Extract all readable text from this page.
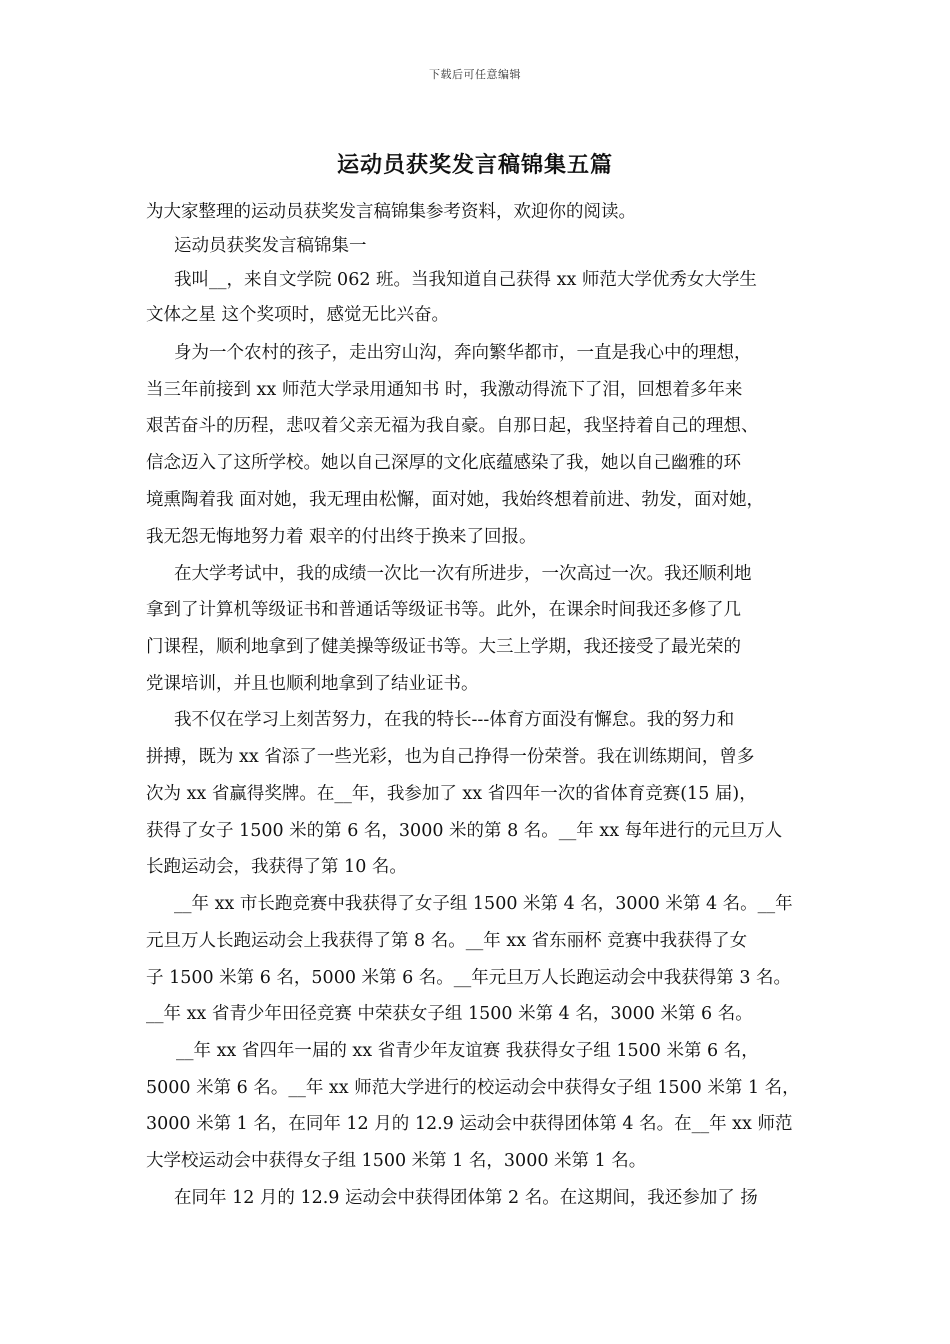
下载后可任意编辑
运动员获奖发言稿锦集五篇
为大家整理的运动员获奖发言稿锦集参考资料，欢迎你的阅读。
运动员获奖发言稿锦集一
我叫__，来自文学院 062 班。当我知道自己获得 xx 师范大学优秀女大学生
文体之星 这个奖项时，感觉无比兴奋。
身为一个农村的孩子，走出穷山沟，奔向繁华都市，一直是我心中的理想，
当三年前接到 xx 师范大学录用通知书 时，我激动得流下了泪，回想着多年来
艰苦奋斗的历程，悲叹着父亲无福为我自豪。自那日起，我坚持着自己的理想、
信念迈入了这所学校。她以自己深厚的文化底蕴感染了我，她以自己幽雅的环
境熏陶着我 面对她，我无理由松懈，面对她，我始终想着前进、勃发，面对她，
我无怨无悔地努力着 艰辛的付出终于换来了回报。
在大学考试中，我的成绩一次比一次有所进步，一次高过一次。我还顺利地
拿到了计算机等级证书和普通话等级证书等。此外，在课余时间我还多修了几
门课程，顺利地拿到了健美操等级证书等。大三上学期，我还接受了最光荣的
党课培训，并且也顺利地拿到了结业证书。
我不仅在学习上刻苦努力，在我的特长---体育方面没有懈怠。我的努力和
拼搏，既为 xx 省添了一些光彩，也为自己挣得一份荣誉。我在训练期间，曾多
次为 xx 省赢得奖牌。在__年，我参加了 xx 省四年一次的省体育竞赛(15 届)，
获得了女子 1500 米的第 6 名，3000 米的第 8 名。__年 xx 每年进行的元旦万人
长跑运动会，我获得了第 10 名。
__年 xx 市长跑竞赛中我获得了女子组 1500 米第 4 名，3000 米第 4 名。__年
元旦万人长跑运动会上我获得了第 8 名。__年 xx 省东丽杯 竞赛中我获得了女
子 1500 米第 6 名，5000 米第 6 名。__年元旦万人长跑运动会中我获得第 3 名。
__年 xx 省青少年田径竞赛 中荣获女子组 1500 米第 4 名，3000 米第 6 名。
__年 xx 省四年一届的 xx 省青少年友谊赛 我获得女子组 1500 米第 6 名，
5000 米第 6 名。__年 xx 师范大学进行的校运动会中获得女子组 1500 米第 1 名，
3000 米第 1 名，在同年 12 月的 12.9 运动会中获得团体第 4 名。在__年 xx 师范
大学校运动会中获得女子组 1500 米第 1 名，3000 米第 1 名。
在同年 12 月的 12.9 运动会中获得团体第 2 名。在这期间，我还参加了 扬
